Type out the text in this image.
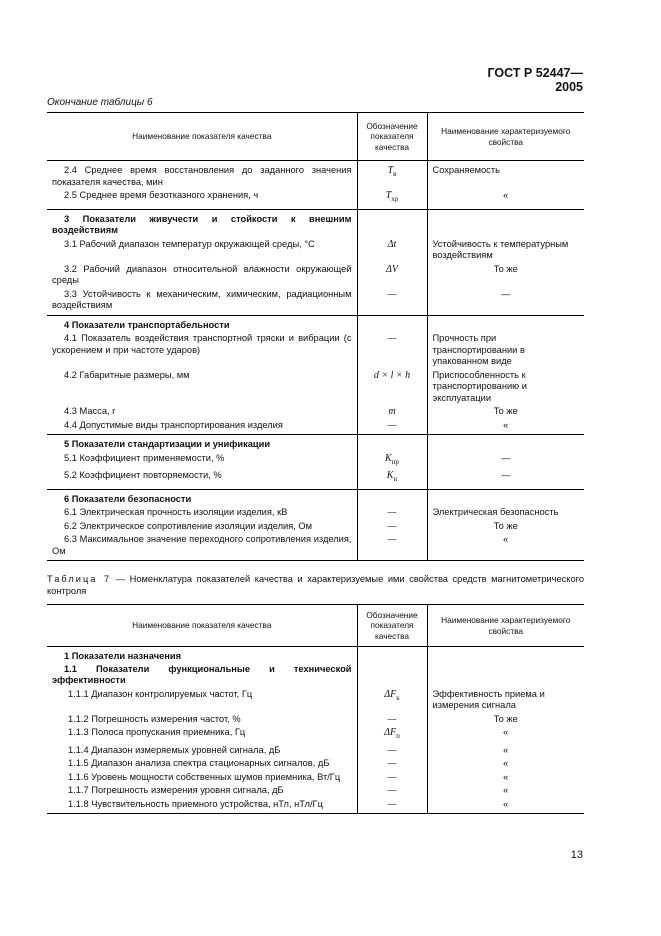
ГОСТ Р 52447—2005
Окончание таблицы 6
Наименование показателя качества	Обозначение показателя качества	Наименование характеризуемого свойства
2.4 Среднее время восстановления до заданного значения показателя качества, мин	$T_в$	Сохраняемость
2.5 Среднее время безотказного хранения, ч	$T_{хр}$	«
3 Показатели живучести и стойкости к внешним воздействиям		
3.1 Рабочий диапазон температур окружающей среды, °С	Δt	Устойчивость к температурным воздействиям
3.2 Рабочий диапазон относительной влажности окружающей среды	ΔV	То же
3.3 Устойчивость к механическим, химическим, радиационным воздействиям	—	—
4 Показатели транспортабельности		
4.1 Показатель воздействия транспортной тряски и вибрации (с ускорением и при частоте ударов)	—	Прочность при транспортировании в упакованном виде
4.2 Габаритные размеры, мм	d × l × h	Приспособленность к транспортированию и эксплуатации
4.3 Масса, г	m	То же
4.4 Допустимые виды транспортирования изделия	—	«
5 Показатели стандартизации и унификации		
5.1 Коэффициент применяемости, %	$K_{пр}$	—
5.2 Коэффициент повторяемости, %	$K_п$	—
6 Показатели безопасности		
6.1 Электрическая прочность изоляции изделия, кВ	—	Электрическая безопасность
6.2 Электрическое сопротивление изоляции изделия, Ом	—	То же
6.3 Максимальное значение переходного сопротивления изделия, Ом	—	«
Таблица 7 — Номенклатура показателей качества и характеризуемые ими свойства средств магнитометрического контроля
Наименование показателя качества	Обозначение показателя качества	Наименование характеризуемого свойства
1 Показатели назначения		
1.1 Показатели функциональные и технической эффективности		
1.1.1 Диапазон контролируемых частот, Гц	$\Delta F_к$	Эффективность приема и измерения сигнала
1.1.2 Погрешность измерения частот, %	—	То же
1.1.3 Полоса пропускания приемника, Гц	$\Delta F_п$	«
1.1.4 Диапазон измеряемых уровней сигнала, дБ	—	«
1.1.5 Диапазон анализа спектра стационарных сигналов, дБ	—	«
1.1.6 Уровень мощности собственных шумов приемника, Вт/Гц	—	«
1.1.7 Погрешность измерения уровня сигнала, дБ	—	«
1.1.8 Чувствительность приемного устройства, нТл, нТл/Гц	—	«
13
